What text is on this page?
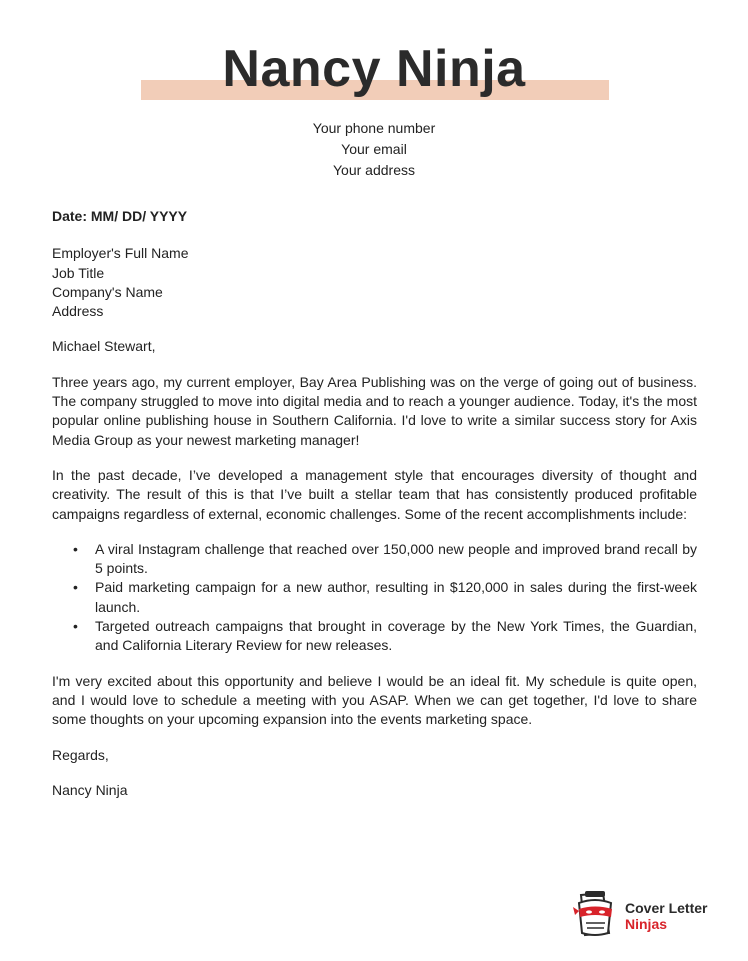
Nancy Ninja
Your phone number
Your email
Your address

Date: MM/ DD/ YYYY

Employer's Full Name
Job Title
Company's Name
Address
Michael Stewart,

Three years ago, my current employer, Bay Area Publishing was on the verge of going out of business. The company struggled to move into digital media and to reach a younger audience. Today, it's the most popular online publishing house in Southern California. I'd love to write a similar success story for Axis Media Group as your newest marketing manager!

In the past decade, I’ve developed a management style that encourages diversity of thought and creativity. The result of this is that I’ve built a stellar team that has consistently produced profitable campaigns regardless of external, economic challenges. Some of the recent accomplishments include:

• A viral Instagram challenge that reached over 150,000 new people and improved brand recall by 5 points.
• Paid marketing campaign for a new author, resulting in $120,000 in sales during the first-week launch.
• Targeted outreach campaigns that brought in coverage by the New York Times, the Guardian, and California Literary Review for new releases.

I'm very excited about this opportunity and believe I would be an ideal fit. My schedule is quite open, and I would love to schedule a meeting with you ASAP. When we can get together, I'd love to share some thoughts on your upcoming expansion into the events marketing space.

Regards,
Nancy Ninja
Cover Letter
Ninjas
